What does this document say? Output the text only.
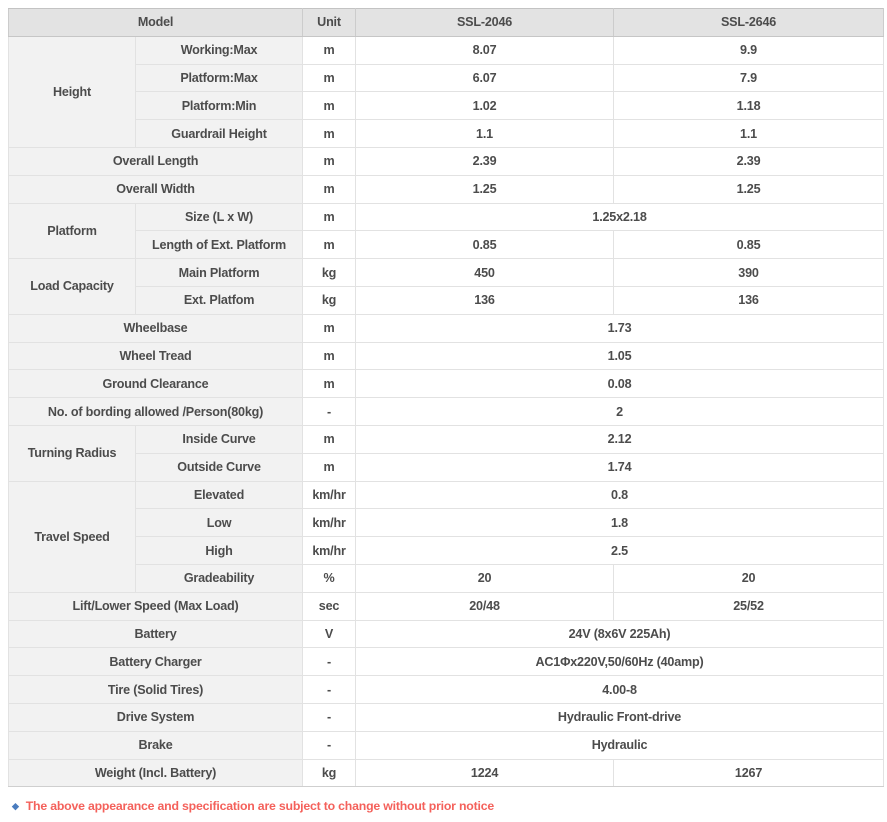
Model		Unit	SSL-2046	SSL-2646
Height	Working:Max	m	8.07	9.9
	Platform:Max	m	6.07	7.9
	Platform:Min	m	1.02	1.18
	Guardrail Height	m	1.1	1.1
Overall Length		m	2.39	2.39
Overall Width		m	1.25	1.25
Platform	Size (L x W)	m	1.25x2.18	
	Length of Ext. Platform	m	0.85	0.85
Load Capacity	Main Platform	kg	450	390
	Ext. Platfom	kg	136	136
Wheelbase		m	1.73	
Wheel Tread		m	1.05	
Ground Clearance		m	0.08	
No. of bording allowed /Person(80kg)		-	2	
Turning Radius	Inside Curve	m	2.12	
	Outside Curve	m	1.74	
Travel Speed	Elevated	km/hr	0.8	
	Low	km/hr	1.8	
	High	km/hr	2.5	
	Gradeability	%	20	20
Lift/Lower Speed (Max Load)		sec	20/48	25/52
Battery		V	24V (8x6V 225Ah)	
Battery Charger		-	AC1Φx220V,50/60Hz (40amp)	
Tire (Solid Tires)		-	4.00-8	
Drive System		-	Hydraulic Front-drive	
Brake		-	Hydraulic	
Weight (Incl. Battery)		kg	1224	1267
◆ The above appearance and specification are subject to change without prior notice
